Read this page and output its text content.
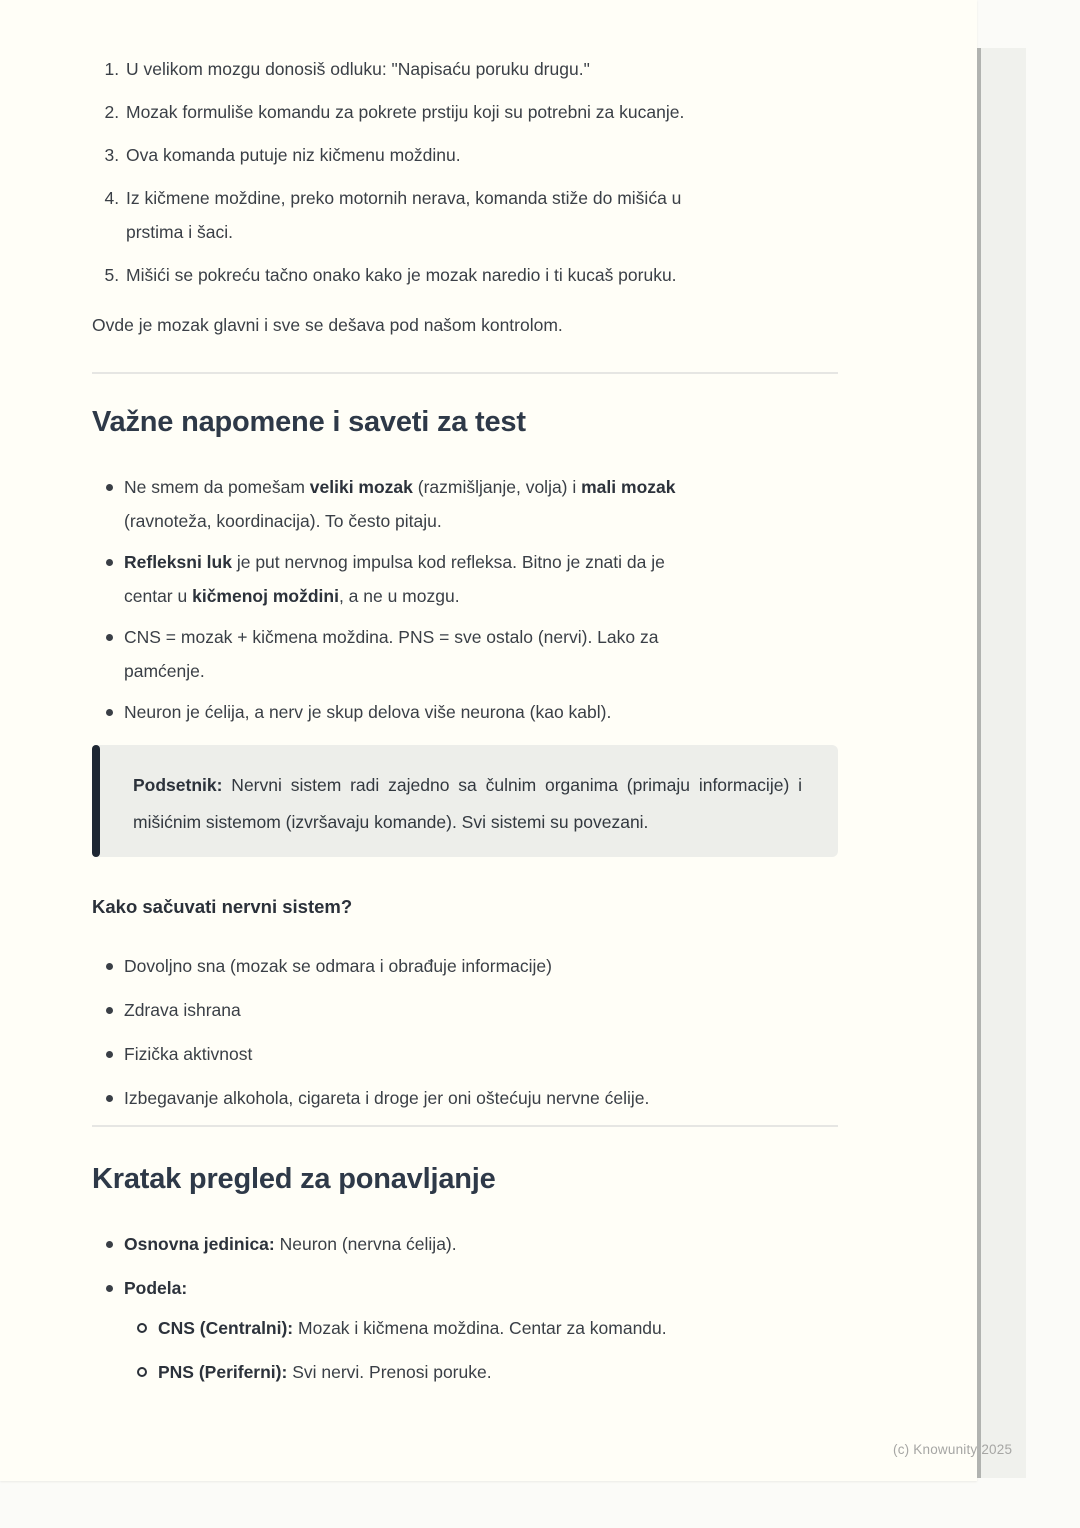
1. U velikom mozgu donosiš odluku: "Napisaću poruku drugu."
2. Mozak formuliše komandu za pokrete prstiju koji su potrebni za kucanje.
3. Ova komanda putuje niz kičmenu moždinu.
4. Iz kičmene moždine, preko motornih nerava, komanda stiže do mišića u
prstima i šaci.
5. Mišići se pokreću tačno onako kako je mozak naredio i ti kucaš poruku.

Ovde je mozak glavni i sve se dešava pod našom kontrolom.

Važne napomene i saveti za test
Ne smem da pomešam veliki mozak (razmišljanje, volja) i mali mozak
(ravnoteža, koordinacija). To često pitaju.
Refleksni luk je put nervnog impulsa kod refleksa. Bitno je znati da je
centar u kičmenoj moždini, a ne u mozgu.
CNS = mozak + kičmena moždina. PNS = sve ostalo (nervi). Lako za
pamćenje.
Neuron je ćelija, a nerv je skup delova više neurona (kao kabl).
Podsetnik: Nervni sistem radi zajedno sa čulnim organima (primaju informacije) i mišićnim sistemom (izvršavaju komande). Svi sistemi su povezani.
Kako sačuvati nervni sistem?
Dovoljno sna (mozak se odmara i obrađuje informacije)
Zdrava ishrana
Fizička aktivnost
Izbegavanje alkohola, cigareta i droge jer oni oštećuju nervne ćelije.
Kratak pregled za ponavljanje
Osnovna jedinica: Neuron (nervna ćelija).
Podela:
CNS (Centralni): Mozak i kičmena moždina. Centar za komandu.
PNS (Periferni): Svi nervi. Prenosi poruke.
(c) Knowunity 2025
